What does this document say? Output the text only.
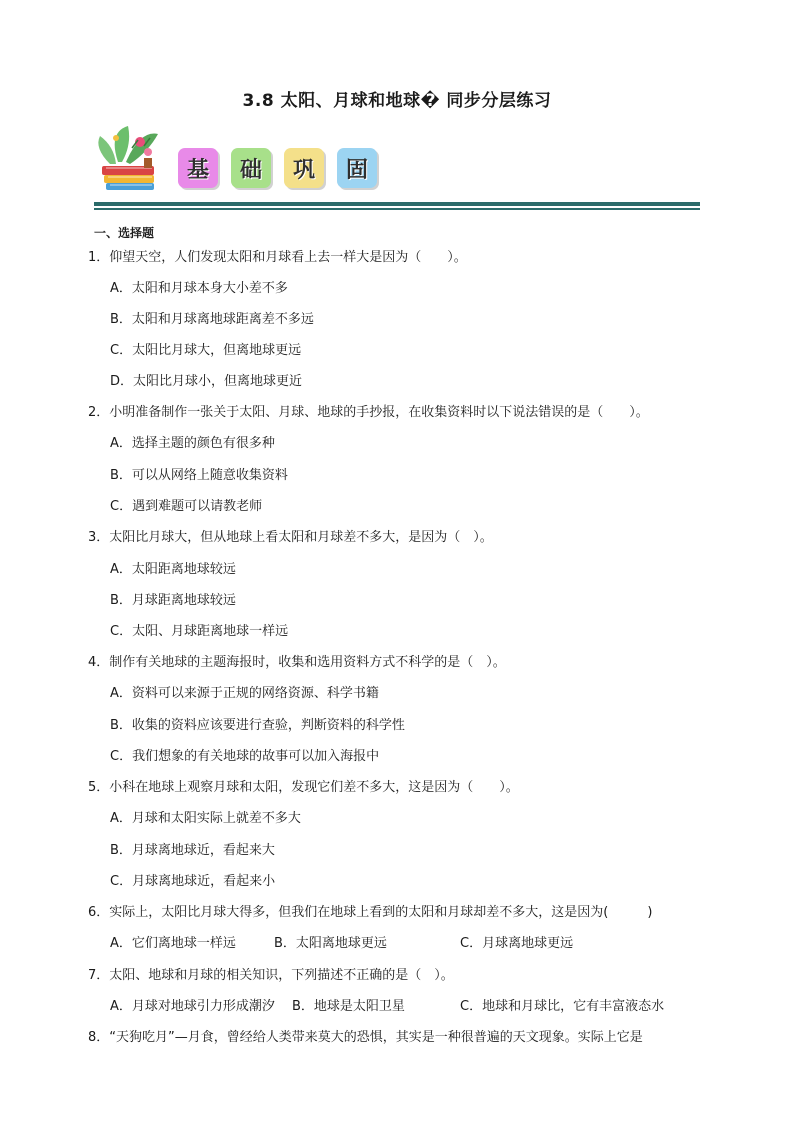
3.8 太阳、月球和地球� 同步分层练习
基 础 巩 固
一、选择题
1．仰望天空，人们发现太阳和月球看上去一样大是因为（　　）。
A．太阳和月球本身大小差不多
B．太阳和月球离地球距离差不多远
C．太阳比月球大，但离地球更远
D．太阳比月球小，但离地球更近
2．小明准备制作一张关于太阳、月球、地球的手抄报，在收集资料时以下说法错误的是（　　）。
A．选择主题的颜色有很多种
B．可以从网络上随意收集资料
C．遇到难题可以请教老师
3．太阳比月球大，但从地球上看太阳和月球差不多大，是因为（　）。
A．太阳距离地球较远
B．月球距离地球较远
C．太阳、月球距离地球一样远
4．制作有关地球的主题海报时，收集和选用资料方式不科学的是（　）。
A．资料可以来源于正规的网络资源、科学书籍
B．收集的资料应该要进行查验，判断资料的科学性
C．我们想象的有关地球的故事可以加入海报中
5．小科在地球上观察月球和太阳，发现它们差不多大，这是因为（　　）。
A．月球和太阳实际上就差不多大
B．月球离地球近，看起来大
C．月球离地球近，看起来小
6．实际上，太阳比月球大得多，但我们在地球上看到的太阳和月球却差不多大，这是因为(　　　)
A．它们离地球一样远	B．太阳离地球更远	C．月球离地球更远
7．太阳、地球和月球的相关知识，下列描述不正确的是（　）。
A．月球对地球引力形成潮汐 B．地球是太阳卫星	C．地球和月球比，它有丰富液态水
8．“天狗吃月”—月食，曾经给人类带来莫大的恐惧，其实是一种很普遍的天文现象。实际上它是
